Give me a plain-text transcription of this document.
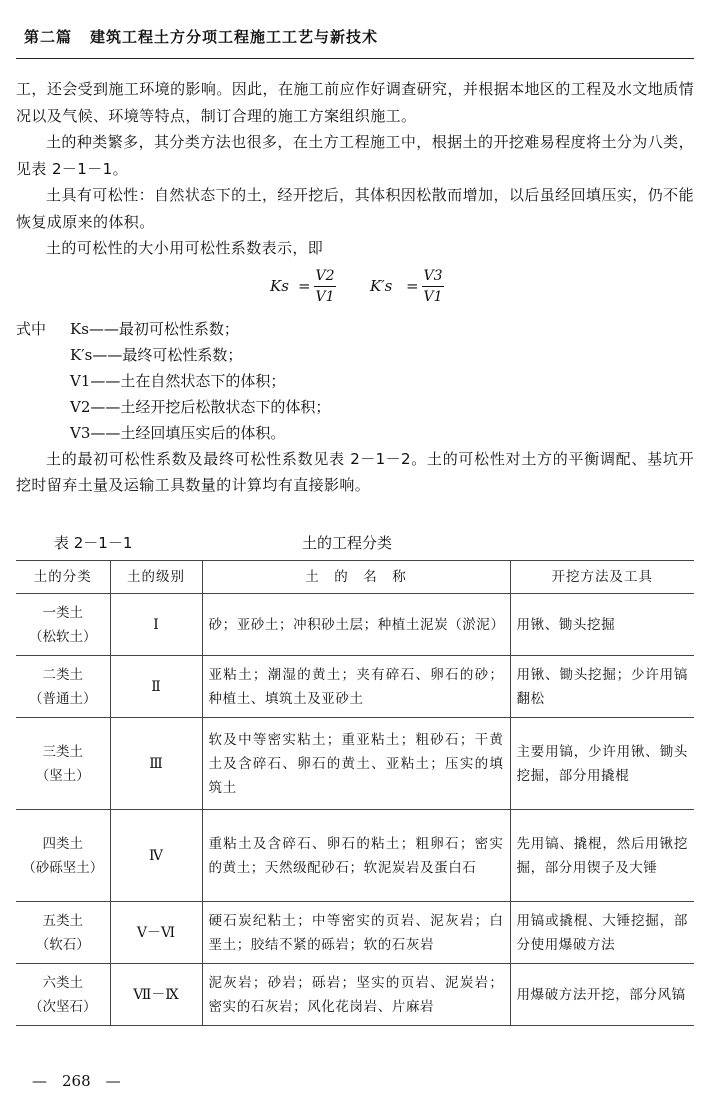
第二篇 建筑工程土方分项工程施工工艺与新技术

工，还会受到施工环境的影响。因此，在施工前应作好调查研究，并根据本地区的工程及水文地质情况以及气候、环境等特点，制订合理的施工方案组织施工。

土的种类繁多，其分类方法也很多，在土方工程施工中，根据土的开挖难易程度将土分为八类，见表 2－1－1。

土具有可松性：自然状态下的土，经开挖后，其体积因松散而增加，以后虽经回填压实，仍不能恢复成原来的体积。

土的可松性的大小用可松性系数表示，即

$Ks = \frac{V2}{V1} K's = \frac{V3}{V1}$
式中 Ks——最初可松性系数；
K′s——最终可松性系数；
V1——土在自然状态下的体积；
V2——土经开挖后松散状态下的体积；
V3——土经回填压实后的体积。

土的最初可松性系数及最终可松性系数见表 2－1－2。土的可松性对土方的平衡调配、基坑开挖时留弃土量及运输工具数量的计算均有直接影响。

表 2－1－1	土的工程分类
土的分类	土的级别	土　的　名　称	开挖方法及工具

一类土
（松软土）	Ⅰ	砂；亚砂土；冲积砂土层；种植土泥炭（淤泥）	用锹、锄头挖掘

二类土
（普通土）	Ⅱ	亚粘土；潮湿的黄土；夹有碎石、卵石的砂；种植土、填筑土及亚砂土	用锹、锄头挖掘；少许用镐翻松

三类土
（坚土）	Ⅲ	软及中等密实粘土；重亚粘土；粗砂石；干黄土及含碎石、卵石的黄土、亚粘土；压实的填筑土	主要用镐，少许用锹、锄头挖掘，部分用撬棍

四类土
（砂砾坚土）	Ⅳ	重粘土及含碎石、卵石的粘土；粗卵石；密实的黄土；天然级配砂石；软泥炭岩及蛋白石	先用镐、撬棍，然后用锹挖掘，部分用锲子及大锤

五类土
（软石）	Ⅴ－Ⅵ	硬石炭纪粘土；中等密实的页岩、泥灰岩；白垩土；胶结不紧的砾岩；软的石灰岩	用镐或撬棍、大锤挖掘，部分使用爆破方法

六类土
（次坚石）	Ⅶ－Ⅸ	泥灰岩；砂岩；砾岩；坚实的页岩、泥炭岩；密实的石灰岩；风化花岗岩、片麻岩	用爆破方法开挖，部分风镐
—　268　—
